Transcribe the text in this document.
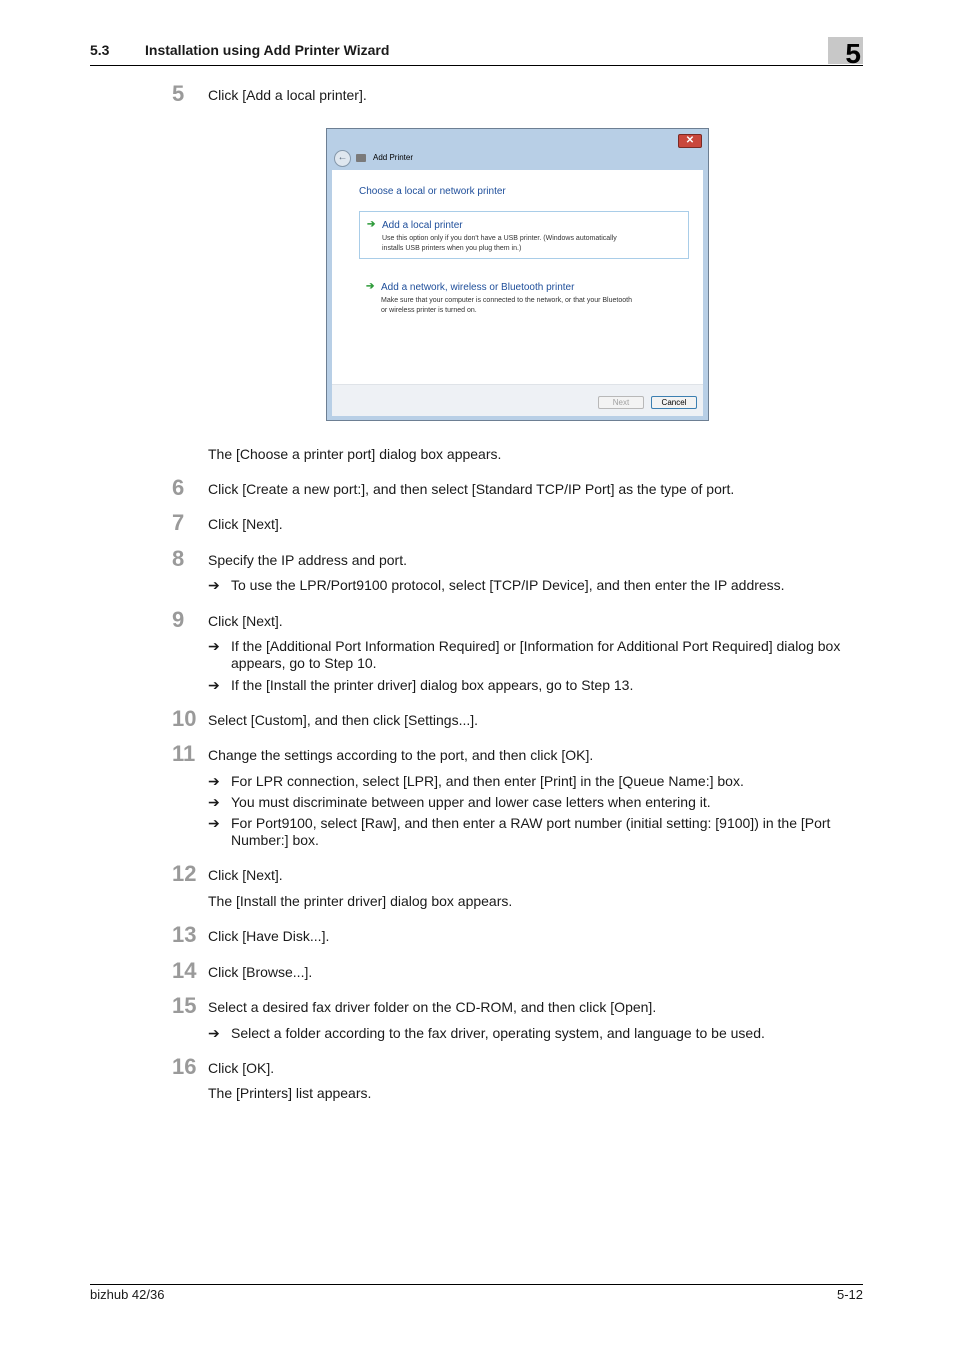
5.3	Installation using Add Printer Wizard	5
5 Click [Add a local printer].
✕
←	Add Printer
Choose a local or network printer
➔ Add a local printer
Use this option only if you don't have a USB printer. (Windows automatically
installs USB printers when you plug them in.)
➔ Add a network, wireless or Bluetooth printer
Make sure that your computer is connected to the network, or that your Bluetooth
or wireless printer is turned on.
Next	Cancel
The [Choose a printer port] dialog box appears.
6 Click [Create a new port:], and then select [Standard TCP/IP Port] as the type of port.
7 Click [Next].
8 Specify the IP address and port.
➔ To use the LPR/Port9100 protocol, select [TCP/IP Device], and then enter the IP address.
9 Click [Next].
➔ If the [Additional Port Information Required] or [Information for Additional Port Required] dialog box appears, go to Step 10.
➔ If the [Install the printer driver] dialog box appears, go to Step 13.
10 Select [Custom], and then click [Settings...].
11 Change the settings according to the port, and then click [OK].
➔ For LPR connection, select [LPR], and then enter [Print] in the [Queue Name:] box.
➔ You must discriminate between upper and lower case letters when entering it.
➔ For Port9100, select [Raw], and then enter a RAW port number (initial setting: [9100]) in the [Port Number:] box.
12 Click [Next].
The [Install the printer driver] dialog box appears.
13 Click [Have Disk...].
14 Click [Browse...].
15 Select a desired fax driver folder on the CD-ROM, and then click [Open].
➔ Select a folder according to the fax driver, operating system, and language to be used.
16 Click [OK].
The [Printers] list appears.
bizhub 42/36	5-12
